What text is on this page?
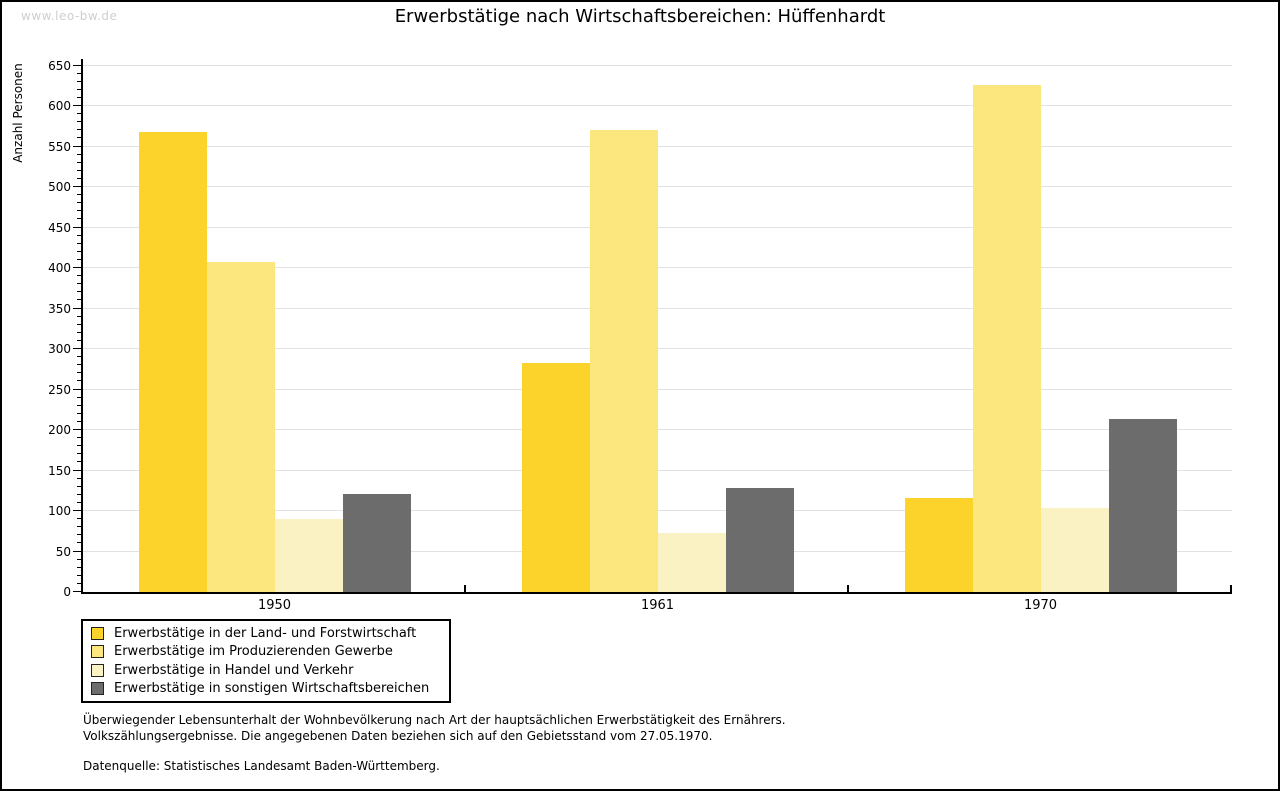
www.leo-bw.de	Erwerbstätige nach Wirtschaftsbereichen: Hüffenhardt
Anzahl Personen
0
50
100
150
200
250
300
350
400
450
500
550
600
650
Erwerbstätige in der Land- und Forstwirtschaft
Erwerbstätige im Produzierenden Gewerbe
Erwerbstätige in Handel und Verkehr
Erwerbstätige in sonstigen Wirtschaftsbereichen
Überwiegender Lebensunterhalt der Wohnbevölkerung nach Art der hauptsächlichen Erwerbstätigkeit des Ernährers.
Volkszählungsergebnisse. Die angegebenen Daten beziehen sich auf den Gebietsstand vom 27.05.1970.
Datenquelle: Statistisches Landesamt Baden-Württemberg.
1950	1961	1970
